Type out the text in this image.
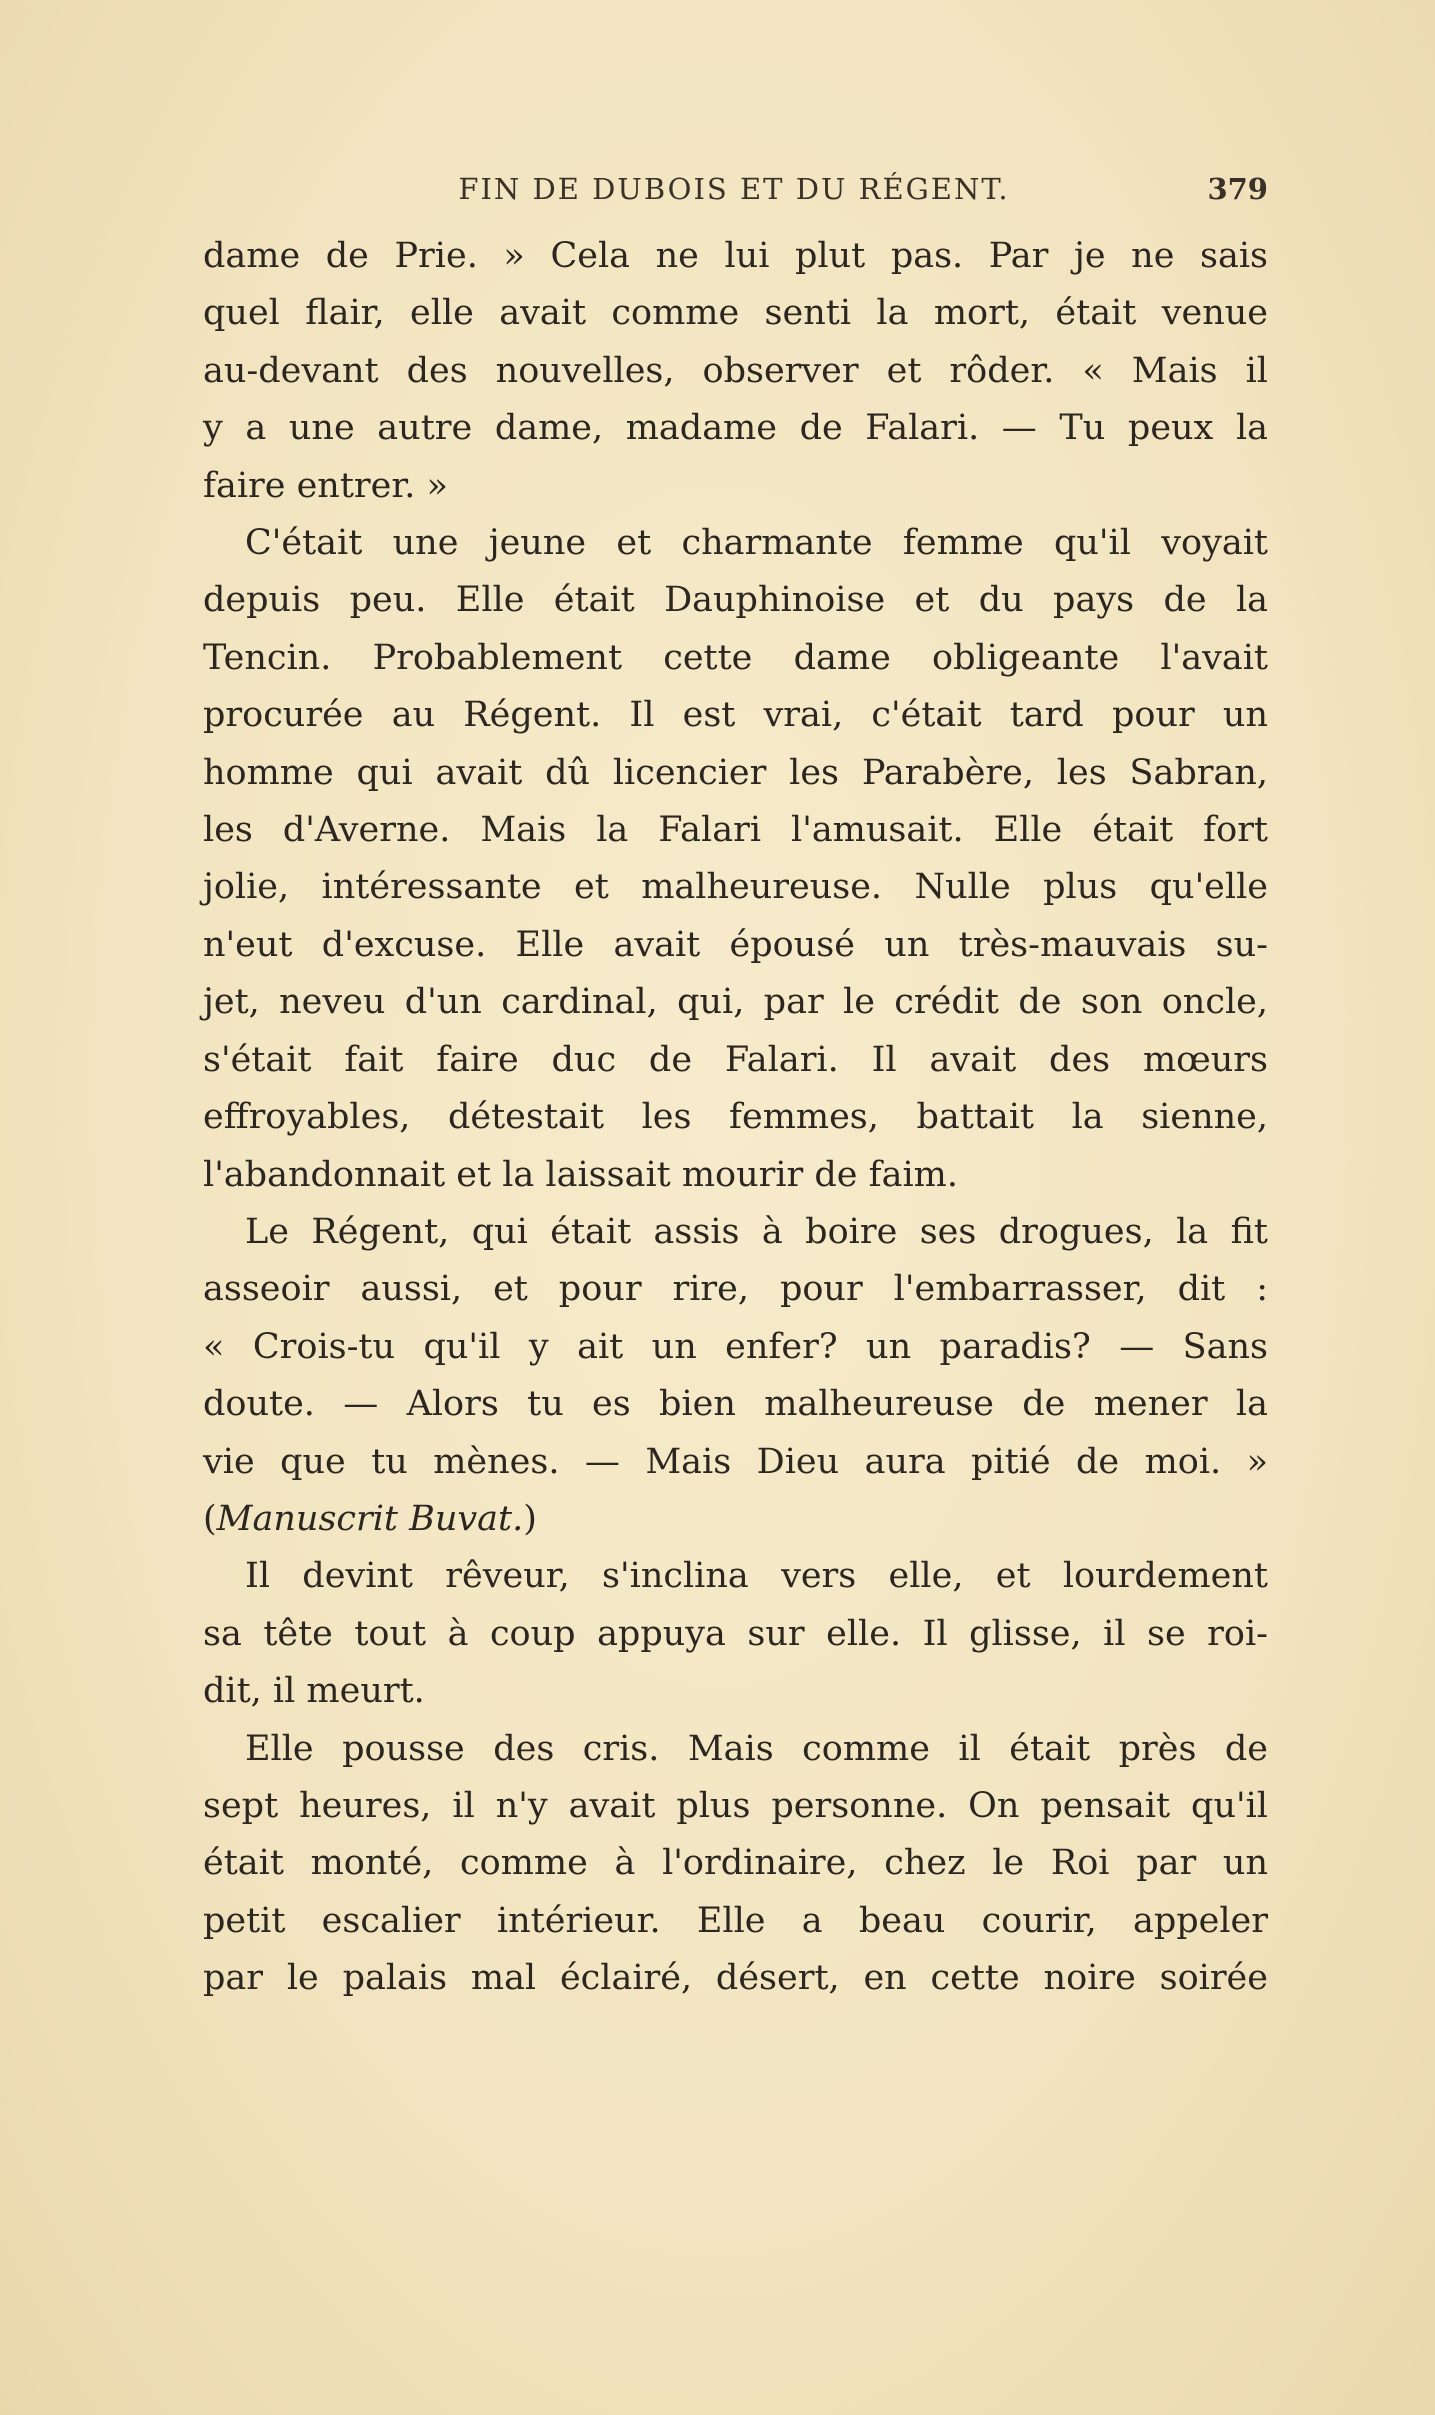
FIN DE DUBOIS ET DU RÉGENT.	379

dame de Prie. » Cela ne lui plut pas. Par je ne sais
quel flair, elle avait comme senti la mort, était venue
au-devant des nouvelles, observer et rôder. « Mais il
y a une autre dame, madame de Falari. — Tu peux la
faire entrer. »

C'était une jeune et charmante femme qu'il voyait
depuis peu. Elle était Dauphinoise et du pays de la
Tencin. Probablement cette dame obligeante l'avait
procurée au Régent. Il est vrai, c'était tard pour un
homme qui avait dû licencier les Parabère, les Sabran,
les d'Averne. Mais la Falari l'amusait. Elle était fort
jolie, intéressante et malheureuse. Nulle plus qu'elle
n'eut d'excuse. Elle avait épousé un très-mauvais su-
jet, neveu d'un cardinal, qui, par le crédit de son oncle,
s'était fait faire duc de Falari. Il avait des mœurs
effroyables, détestait les femmes, battait la sienne,
l'abandonnait et la laissait mourir de faim.

Le Régent, qui était assis à boire ses drogues, la fit
asseoir aussi, et pour rire, pour l'embarrasser, dit :
« Crois-tu qu'il y ait un enfer? un paradis? — Sans
doute. — Alors tu es bien malheureuse de mener la
vie que tu mènes. — Mais Dieu aura pitié de moi. »
(Manuscrit Buvat.)

Il devint rêveur, s'inclina vers elle, et lourdement
sa tête tout à coup appuya sur elle. Il glisse, il se roi-
dit, il meurt.

Elle pousse des cris. Mais comme il était près de
sept heures, il n'y avait plus personne. On pensait qu'il
était monté, comme à l'ordinaire, chez le Roi par un
petit escalier intérieur. Elle a beau courir, appeler
par le palais mal éclairé, désert, en cette noire soirée
